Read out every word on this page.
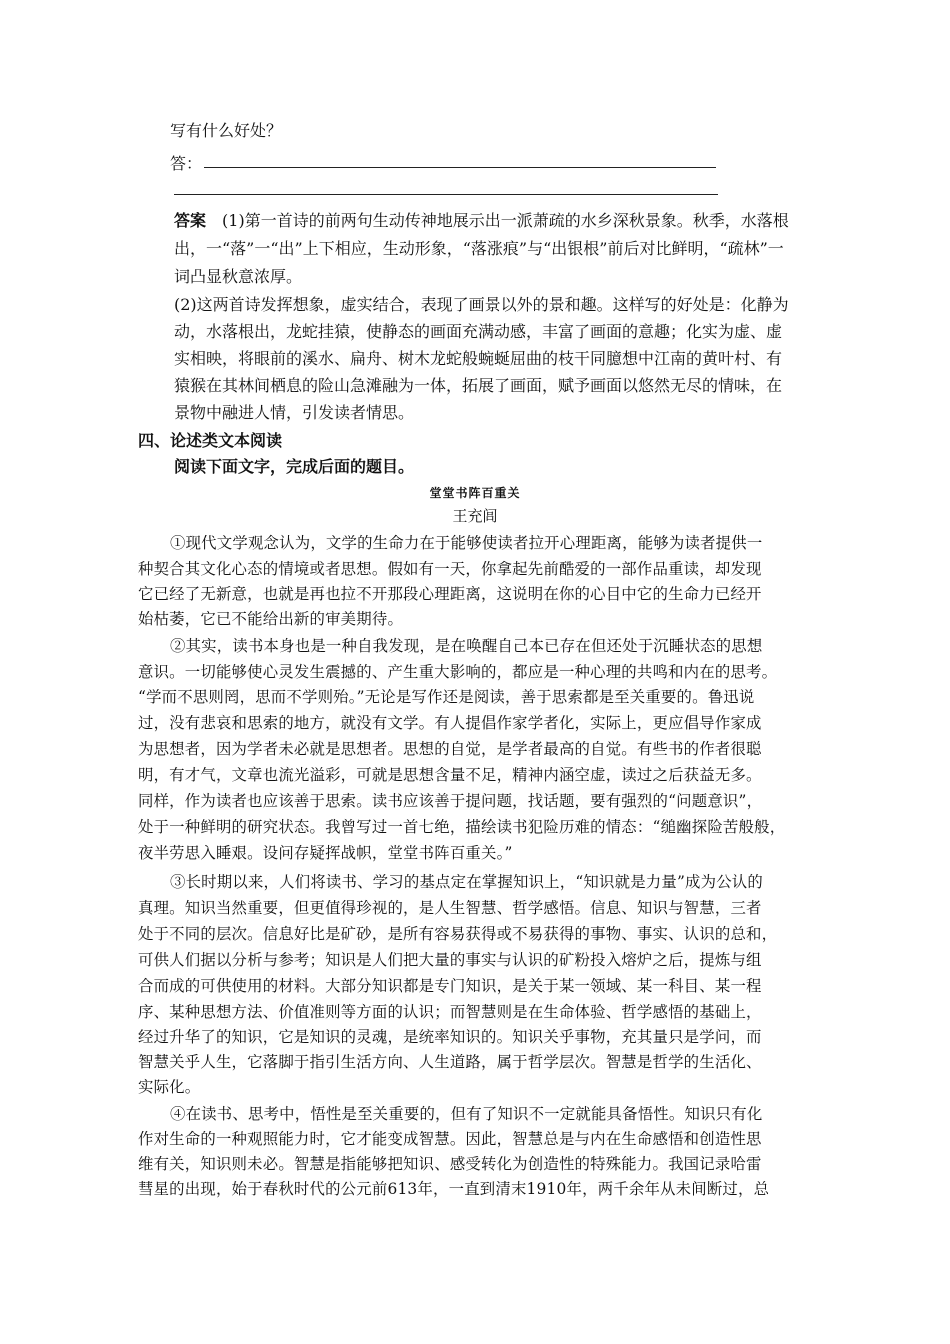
写有什么好处？
答：
答案　 (1)第一首诗的前两句生动传神地展示出一派萧疏的水乡深秋景象。秋季，水落根
出，一“落”一“出”上下相应，生动形象，“落涨痕”与“出银根”前后对比鲜明，“疏林”一
词凸显秋意浓厚。
(2)这两首诗发挥想象，虚实结合，表现了画景以外的景和趣。这样写的好处是：化静为
动，水落根出，龙蛇挂猿，使静态的画面充满动感，丰富了画面的意趣；化实为虚、虚
实相映，将眼前的溪水、扁舟、树木龙蛇般蜿蜒屈曲的枝干同臆想中江南的黄叶村、有
猿猴在其林间栖息的险山急滩融为一体，拓展了画面，赋予画面以悠然无尽的情味，在
景物中融进人情，引发读者情思。
四、论述类文本阅读
阅读下面文字，完成后面的题目。
堂堂书阵百重关
王充闾
①现代文学观念认为，文学的生命力在于能够使读者拉开心理距离，能够为读者提供一
种契合其文化心态的情境或者思想。假如有一天，你拿起先前酷爱的一部作品重读，却发现
它已经了无新意，也就是再也拉不开那段心理距离，这说明在你的心目中它的生命力已经开
始枯萎，它已不能给出新的审美期待。
②其实，读书本身也是一种自我发现，是在唤醒自己本已存在但还处于沉睡状态的思想
意识。一切能够使心灵发生震撼的、产生重大影响的，都应是一种心理的共鸣和内在的思考。
“学而不思则罔，思而不学则殆。”无论是写作还是阅读，善于思索都是至关重要的。鲁迅说
过，没有悲哀和思索的地方，就没有文学。有人提倡作家学者化，实际上，更应倡导作家成
为思想者，因为学者未必就是思想者。思想的自觉，是学者最高的自觉。有些书的作者很聪
明，有才气，文章也流光溢彩，可就是思想含量不足，精神内涵空虚，读过之后获益无多。
同样，作为读者也应该善于思索。读书应该善于提问题，找话题，要有强烈的“问题意识”，
处于一种鲜明的研究状态。我曾写过一首七绝，描绘读书犯险历难的情态：“缒幽探险苦般般，
夜半劳思入睡艰。设问存疑挥战帜，堂堂书阵百重关。”
③长时期以来，人们将读书、学习的基点定在掌握知识上，“知识就是力量”成为公认的
真理。知识当然重要，但更值得珍视的，是人生智慧、哲学感悟。信息、知识与智慧，三者
处于不同的层次。信息好比是矿砂，是所有容易获得或不易获得的事物、事实、认识的总和，
可供人们据以分析与参考；知识是人们把大量的事实与认识的矿粉投入熔炉之后，提炼与组
合而成的可供使用的材料。大部分知识都是专门知识，是关于某一领域、某一科目、某一程
序、某种思想方法、价值准则等方面的认识；而智慧则是在生命体验、哲学感悟的基础上，
经过升华了的知识，它是知识的灵魂，是统率知识的。知识关乎事物，充其量只是学问，而
智慧关乎人生，它落脚于指引生活方向、人生道路，属于哲学层次。智慧是哲学的生活化、
实际化。
④在读书、思考中，悟性是至关重要的，但有了知识不一定就能具备悟性。知识只有化
作对生命的一种观照能力时，它才能变成智慧。因此，智慧总是与内在生命感悟和创造性思
维有关，知识则未必。智慧是指能够把知识、感受转化为创造性的特殊能力。我国记录哈雷
彗星的出现，始于春秋时代的公元前613年，一直到清末1910年，两千余年从未间断过，总
